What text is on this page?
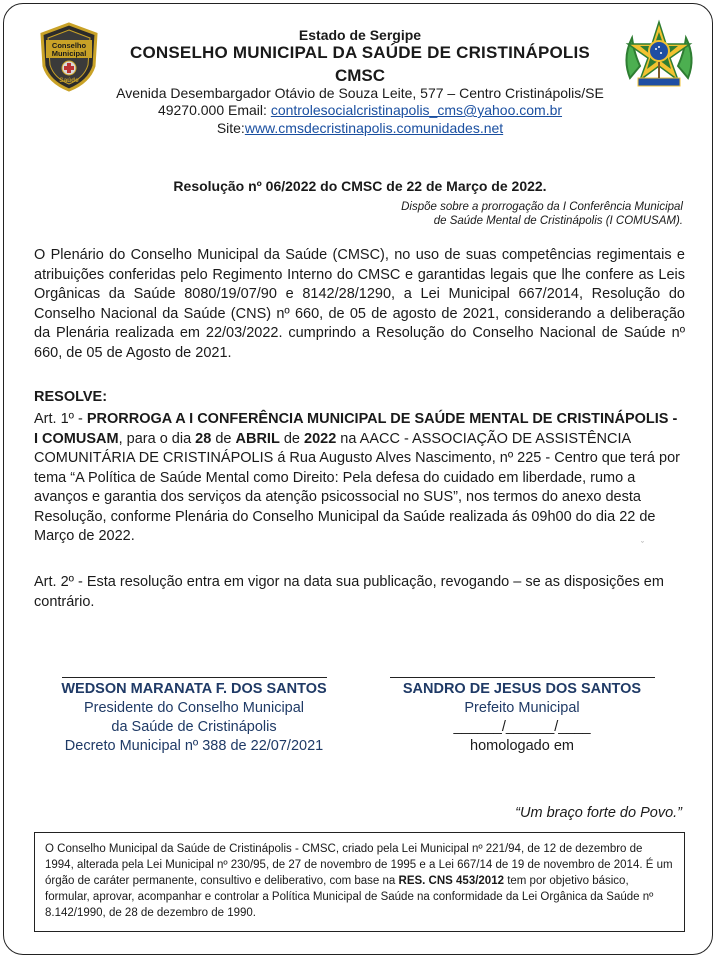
Conselho
Municipal
Saúde
Estado de Sergipe
CONSELHO MUNICIPAL DA SAÚDE DE CRISTINÁPOLIS
CMSC
Avenida Desembargador Otávio de Souza Leite, 577 – Centro Cristinápolis/SE
49270.000 Email: controlesocialcristinapolis_cms@yahoo.com.br
Site:www.cmsdecristinapolis.comunidades.net
Resolução nº 06/2022 do CMSC de 22 de Março de 2022.
Dispõe sobre a prorrogação da I Conferência Municipal
de Saúde Mental de Cristinápolis (I COMUSAM).
O Plenário do Conselho Municipal da Saúde (CMSC), no uso de suas competências regimentais e atribuições conferidas pelo Regimento Interno do CMSC e garantidas legais que lhe confere as Leis Orgânicas da Saúde 8080/19/07/90 e 8142/28/1290, a Lei Municipal 667/2014, Resolução do Conselho Nacional da Saúde (CNS) nº 660, de 05 de agosto de 2021, considerando a deliberação da Plenária realizada em 22/03/2022. cumprindo a Resolução do Conselho Nacional de Saúde nº 660, de 05 de Agosto de 2021.
RESOLVE:
Art. 1º - PRORROGA A I CONFERÊNCIA MUNICIPAL DE SAÚDE MENTAL DE CRISTINÁPOLIS - I COMUSAM, para o dia 28 de ABRIL de 2022 na AACC - ASSOCIAÇÃO DE ASSISTÊNCIA COMUNITÁRIA DE CRISTINÁPOLIS á Rua Augusto Alves Nascimento, nº 225 - Centro que terá por tema “A Política de Saúde Mental como Direito: Pela defesa do cuidado em liberdade, rumo a avanços e garantia dos serviços da atenção psicossocial no SUS”, nos termos do anexo desta Resolução, conforme Plenária do Conselho Municipal da Saúde realizada ás 09h00 do dia 22 de Março de 2022.
ˇ
Art. 2º - Esta resolução entra em vigor na data sua publicação, revogando – se as disposições em contrário.
WEDSON MARANATA F. DOS SANTOS
Presidente do Conselho Municipal
da Saúde de Cristinápolis
Decreto Municipal nº 388 de 22/07/2021
SANDRO DE JESUS DOS SANTOS
Prefeito Municipal
______/______/____
homologado em
“Um braço forte do Povo.”
O Conselho Municipal da Saúde de Cristinápolis - CMSC, criado pela Lei Municipal nº 221/94, de 12 de dezembro de 1994, alterada pela Lei Municipal nº 230/95, de 27 de novembro de 1995 e a Lei 667/14 de 19 de novembro de 2014. É um órgão de caráter permanente, consultivo e deliberativo, com base na RES. CNS 453/2012 tem por objetivo básico, formular, aprovar, acompanhar e controlar a Política Municipal de Saúde na conformidade da Lei Orgânica da Saúde nº 8.142/1990, de 28 de dezembro de 1990.
